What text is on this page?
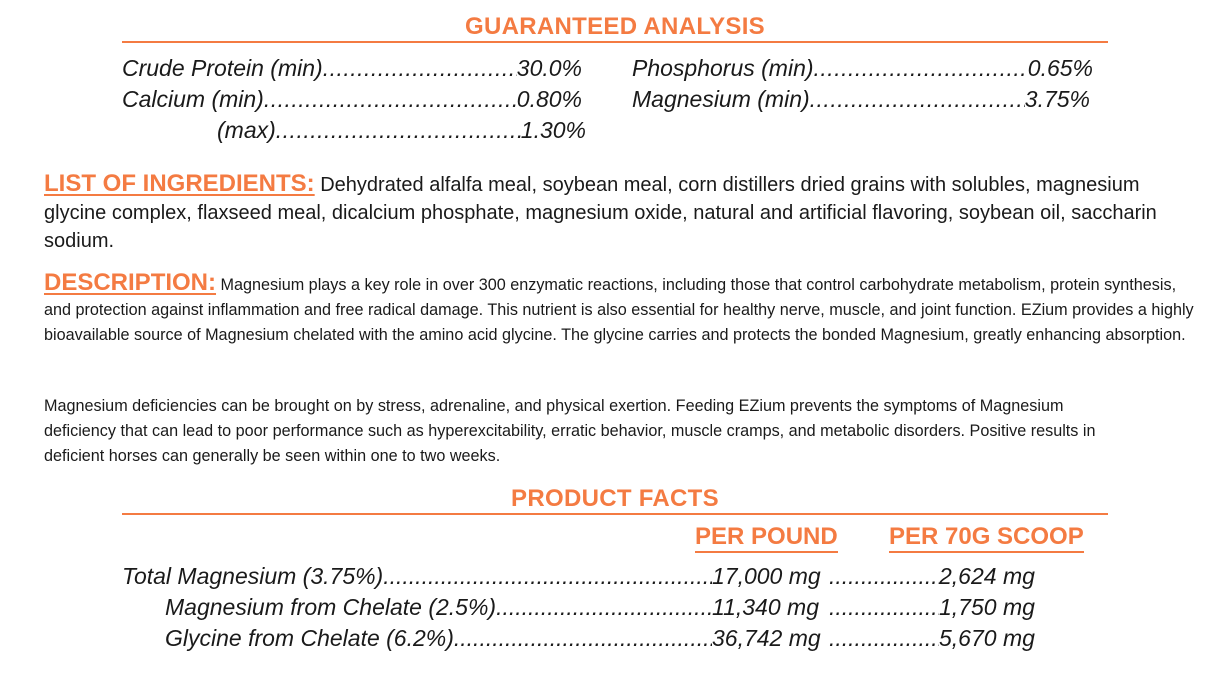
GUARANTEED ANALYSIS
Crude Protein (min) .....	30.0%
Calcium (min) .....	0.80%
(max) .....	1.30%
Phosphorus (min) .....	0.65%
Magnesium (min) .....	3.75%
LIST OF INGREDIENTS: Dehydrated alfalfa meal, soybean meal, corn distillers dried grains with solubles, magnesium glycine complex, flaxseed meal, dicalcium phosphate, magnesium oxide, natural and artificial flavoring, soybean oil, saccharin sodium.
DESCRIPTION: Magnesium plays a key role in over 300 enzymatic reactions, including those that control carbohydrate metabolism, protein synthesis, and protection against inflammation and free radical damage. This nutrient is also essential for healthy nerve, muscle, and joint function. EZium provides a highly bioavailable source of Magnesium chelated with the amino acid glycine. The glycine carries and protects the bonded Magnesium, greatly enhancing absorption.
Magnesium deficiencies can be brought on by stress, adrenaline, and physical exertion. Feeding EZium prevents the symptoms of Magnesium deficiency that can lead to poor performance such as hyperexcitability, erratic behavior, muscle cramps, and metabolic disorders. Positive results in deficient horses can generally be seen within one to two weeks.
PRODUCT FACTS
PER POUND PER 70G SCOOP
Total Magnesium (3.75%) .....	17,000 mg .....	2,624 mg
Magnesium from Chelate (2.5%) .....	11,340 mg .....	1,750 mg
Glycine from Chelate (6.2%) .....	36,742 mg .....	5,670 mg
